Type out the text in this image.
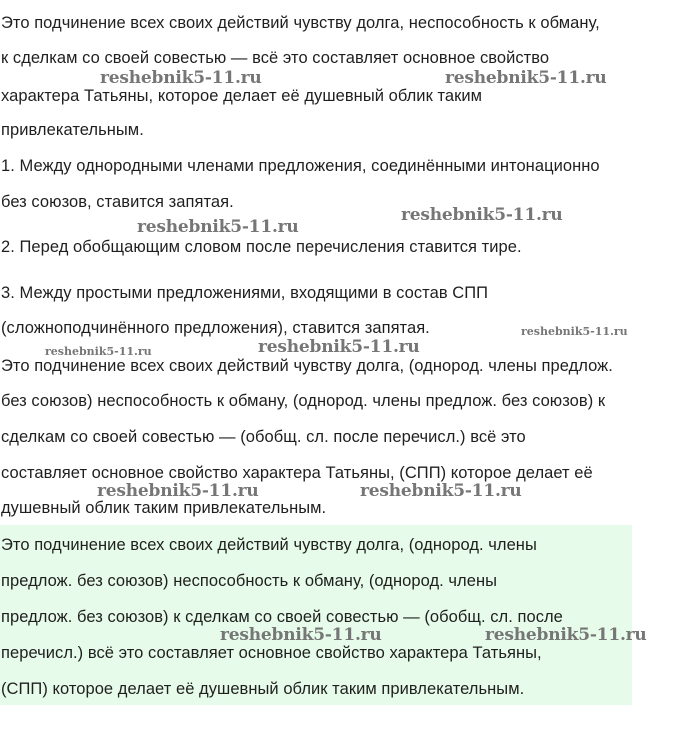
Это подчинение всех своих действий чувству долга, неспособность к обману,
к сделкам со своей совестью — всё это составляет основное свойство
характера Татьяны, которое делает её душевный облик таким
привлекательным.
1. Между однородными членами предложения, соединёнными интонационно
без союзов, ставится запятая.
2. Перед обобщающим словом после перечисления ставится тире.
3. Между простыми предложениями, входящими в состав СПП
(сложноподчинённого предложения), ставится запятая.
Это подчинение всех своих действий чувству долга, (однород. члены предлож.
без союзов) неспособность к обману, (однород. члены предлож. без союзов) к
сделкам со своей совестью — (обобщ. сл. после перечисл.) всё это
составляет основное свойство характера Татьяны, (СПП) которое делает её
душевный облик таким привлекательным.
Это подчинение всех своих действий чувству долга, (однород. члены
предлож. без союзов) неспособность к обману, (однород. члены
предлож. без союзов) к сделкам со своей совестью — (обобщ. сл. после
перечисл.) всё это составляет основное свойство характера Татьяны,
(СПП) которое делает её душевный облик таким привлекательным.
reshebnik5-11.ru	reshebnik5-11.ru
reshebnik5-11.ru
reshebnik5-11.ru
reshebnik5-11.ru
reshebnik5-11.ru	reshebnik5-11.ru
reshebnik5-11.ru	reshebnik5-11.ru
reshebnik5-11.ru	reshebnik5-11.ru
